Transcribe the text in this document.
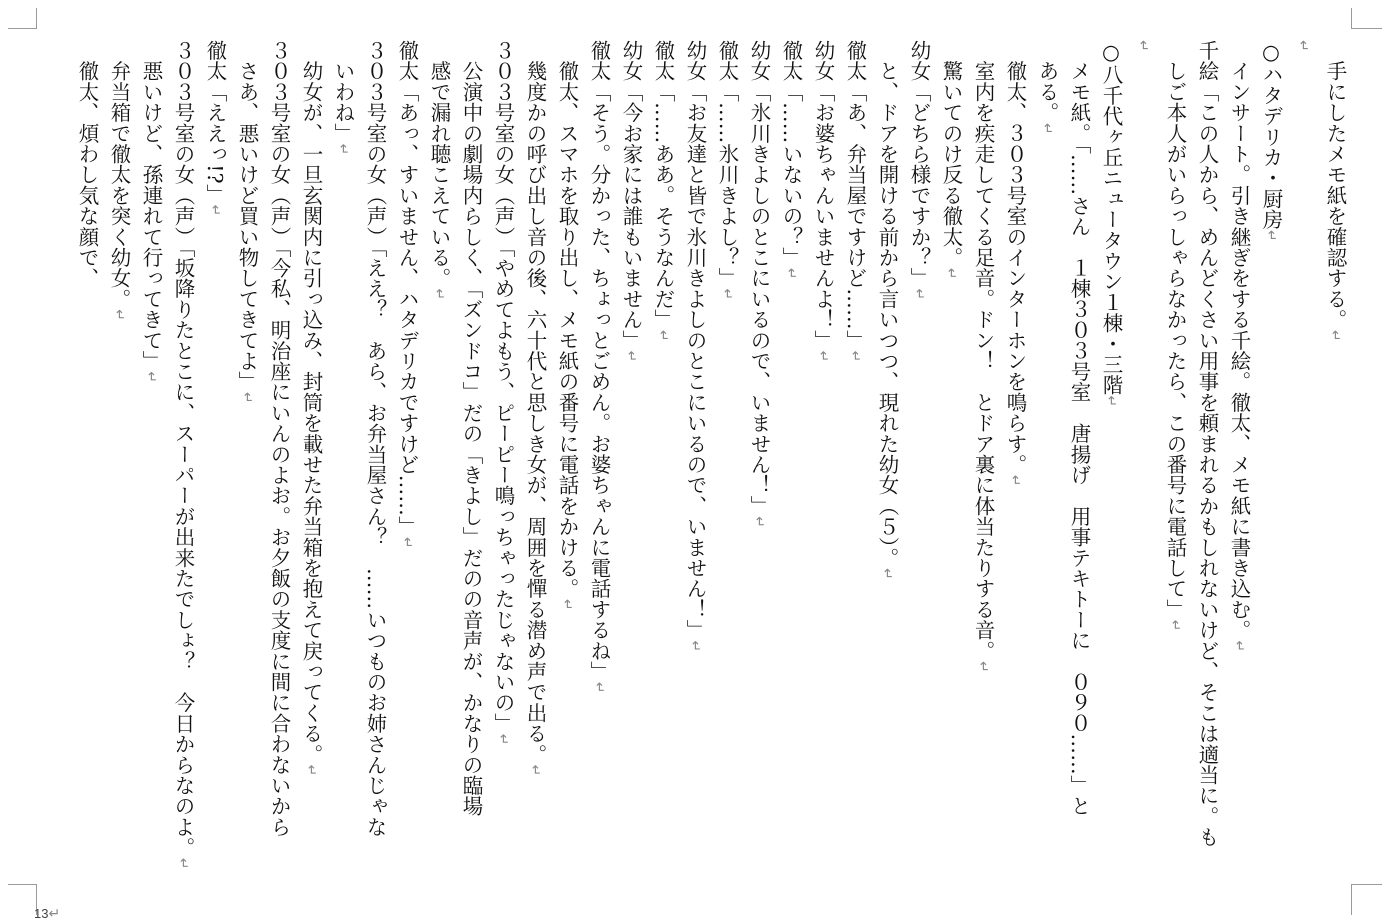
　手にしたメモ紙を確認する。↵
↵
○ハタデリカ・厨房↵
　インサート。引き継ぎをする千絵。徹太、メモ紙に書き込む。↵
千絵「この人から、めんどくさい用事を頼まれるかもしれないけど、そこは適当に。も
　しご本人がいらっしゃらなかったら、この番号に電話して」↵
↵
○八千代ヶ丘ニュータウン１棟・三階↵
　メモ紙。「……さん　１棟３０３号室　唐揚げ　用事テキトーに　０９０……」と
　ある。↵
　徹太、３０３号室のインターホンを鳴らす。↵
　室内を疾走してくる足音。ドン！　とドア裏に体当たりする音。↵
　驚いてのけ反る徹太。↵
幼女「どちら様ですか？」↵
　と、ドアを開ける前から言いつつ、現れた幼女（５）。↵
徹太「あ、弁当屋ですけど……」↵
幼女「お婆ちゃんいませんよ！」↵
徹太「……いないの？」↵
幼女「氷川きよしのとこにいるので、いません！」↵
徹太「……氷川きよし？」↵
幼女「お友達と皆で氷川きよしのとこにいるので、いません！」↵
徹太「……ああ。そうなんだ」↵
幼女「今お家には誰もいません」↵
徹太「そう。分かった、ちょっとごめん。お婆ちゃんに電話するね」↵
　徹太、スマホを取り出し、メモ紙の番号に電話をかける。↵
　幾度かの呼び出し音の後、六十代と思しき女が、周囲を憚る潜め声で出る。↵
３０３号室の女（声）「やめてよもう、ピーピー鳴っちゃったじゃないの」↵
　公演中の劇場内らしく、「ズンドコ」だの「きよし」だのの音声が、かなりの臨場
　感で漏れ聴こえている。↵
徹太「あっ、すいません、ハタデリカですけど……」↵
３０３号室の女（声）「ええ？　あら、お弁当屋さん？　……いつものお姉さんじゃな
　いわね」↵
　幼女が、一旦玄関内に引っ込み、封筒を載せた弁当箱を抱えて戻ってくる。↵
３０３号室の女（声）「今私、明治座にいんのよお。お夕飯の支度に間に合わないから
　さあ、悪いけど買い物してきてよ」↵
徹太「ええっ!?」↵
３０３号室の女（声）「坂降りたとこに、スーパーが出来たでしょ？　今日からなのよ。↵
　悪いけど、孫連れて行ってきて」↵
　弁当箱で徹太を突く幼女。↵
　徹太、煩わし気な顔で、
13↵
